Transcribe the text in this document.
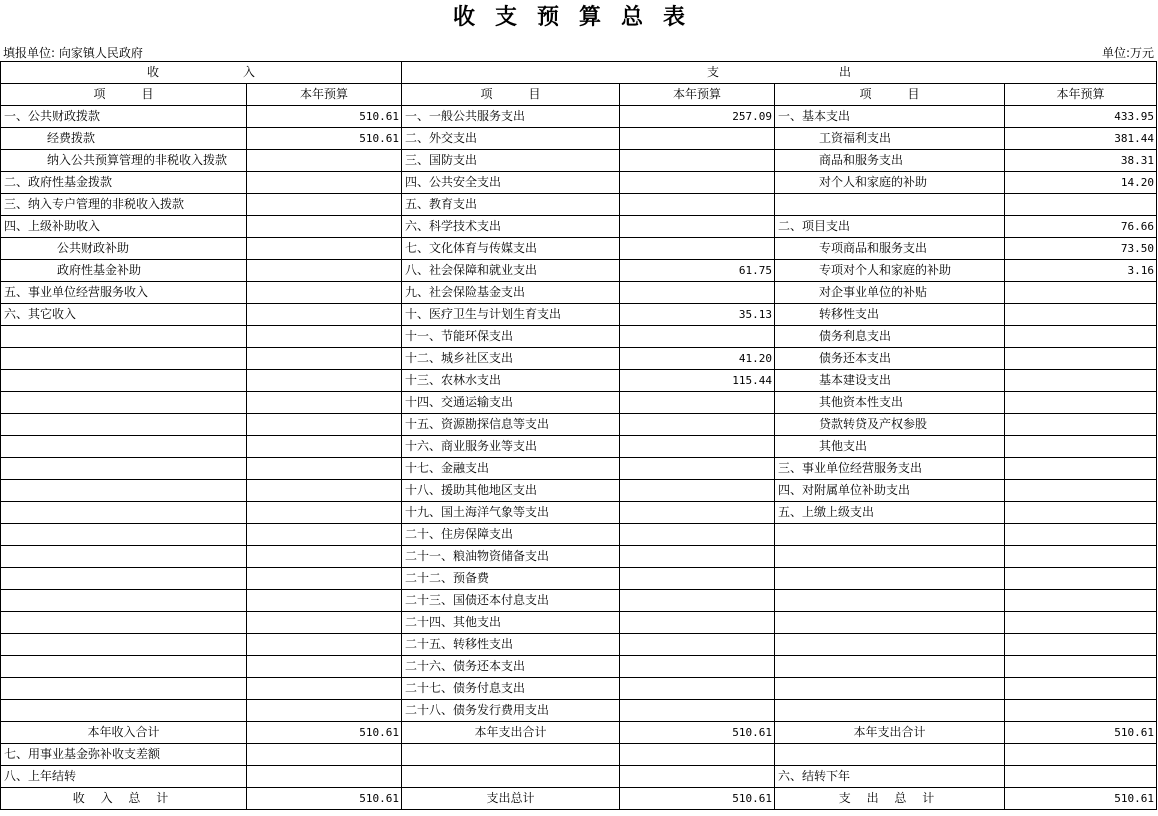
收支预算总表
填报单位: 向家镇人民政府	单位:万元
收　　　　　　　入		支 出			
项　　　目	本年预算	项　　　目	本年预算	项　　　目	本年预算
一、公共财政拨款	510.61	一、一般公共服务支出	257.09	一、基本支出	433.95
经费拨款	510.61	二、外交支出		工资福利支出	381.44
纳入公共预算管理的非税收入拨款		三、国防支出		商品和服务支出	38.31
二、政府性基金拨款		四、公共安全支出		对个人和家庭的补助	14.20
三、纳入专户管理的非税收入拨款		五、教育支出			
四、上级补助收入		六、科学技术支出		二、项目支出	76.66
公共财政补助		七、文化体育与传媒支出		专项商品和服务支出	73.50
政府性基金补助		八、社会保障和就业支出	61.75	专项对个人和家庭的补助	3.16
五、事业单位经营服务收入		九、社会保险基金支出		对企事业单位的补贴	
六、其它收入		十、医疗卫生与计划生育支出	35.13	转移性支出	
		十一、节能环保支出		债务利息支出	
		十二、城乡社区支出	41.20	债务还本支出	
		十三、农林水支出	115.44	基本建设支出	
		十四、交通运输支出		其他资本性支出	
		十五、资源勘探信息等支出		贷款转贷及产权参股	
		十六、商业服务业等支出		其他支出	
		十七、金融支出		三、事业单位经营服务支出	
		十八、援助其他地区支出		四、对附属单位补助支出	
		十九、国土海洋气象等支出		五、上缴上级支出	
		二十、住房保障支出			
		二十一、粮油物资储备支出			
		二十二、预备费			
		二十三、国债还本付息支出			
		二十四、其他支出			
		二十五、转移性支出			
		二十六、债务还本支出			
		二十七、债务付息支出			
		二十八、债务发行费用支出			
本年收入合计	510.61	本年支出合计	510.61	本年支出合计	510.61
七、用事业基金弥补收支差额					
八、上年结转				六、结转下年	
收 入 总 计	510.61	支出总计	510.61	支 出 总 计	510.61
